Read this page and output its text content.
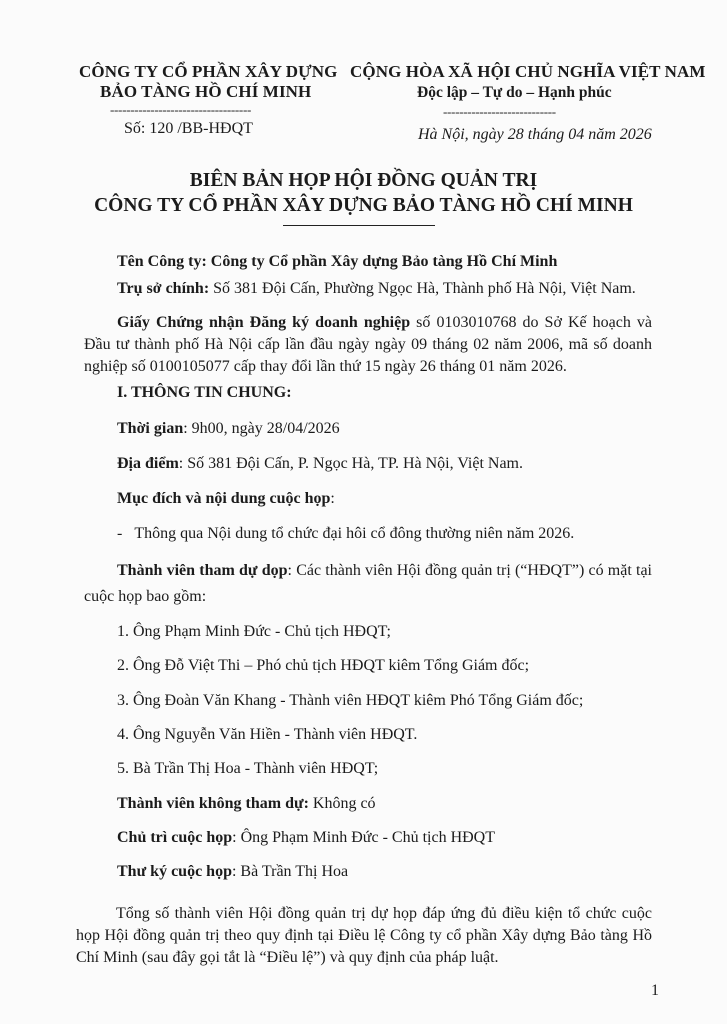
CÔNG TY CỔ PHẦN XÂY DỰNG
BẢO TÀNG HỒ CHÍ MINH
-----------------------------------
Số: 120 /BB-HĐQT
CỘNG HÒA XÃ HỘI CHỦ NGHĨA VIỆT NAM
Độc lập – Tự do – Hạnh phúc
----------------------------
Hà Nội, ngày 28 tháng 04 năm 2026
BIÊN BẢN HỌP HỘI ĐỒNG QUẢN TRỊ
CÔNG TY CỔ PHẦN XÂY DỰNG BẢO TÀNG HỒ CHÍ MINH
Tên Công ty: Công ty Cổ phần Xây dựng Bảo tàng Hồ Chí Minh
Trụ sở chính: Số 381 Đội Cấn, Phường Ngọc Hà, Thành phố Hà Nội, Việt Nam.
Giấy Chứng nhận Đăng ký doanh nghiệp số 0103010768 do Sở Kế hoạch và Đầu tư thành phố Hà Nội cấp lần đầu ngày ngày 09 tháng 02 năm 2006, mã số doanh nghiệp số 0100105077 cấp thay đổi lần thứ 15 ngày 26 tháng 01 năm 2026.
I. THÔNG TIN CHUNG:
Thời gian: 9h00, ngày 28/04/2026
Địa điểm: Số 381 Đội Cấn, P. Ngọc Hà, TP. Hà Nội, Việt Nam.
Mục đích và nội dung cuộc họp:
- Thông qua Nội dung tổ chức đại hôi cổ đông thường niên năm 2026.
Thành viên tham dự dọp: Các thành viên Hội đồng quản trị (“HĐQT”) có mặt tại cuộc họp bao gồm:
1. Ông Phạm Minh Đức - Chủ tịch HĐQT;
2. Ông Đỗ Việt Thi – Phó chủ tịch HĐQT kiêm Tổng Giám đốc;
3. Ông Đoàn Văn Khang - Thành viên HĐQT kiêm Phó Tổng Giám đốc;
4. Ông Nguyễn Văn Hiền - Thành viên HĐQT.
5. Bà Trần Thị Hoa - Thành viên HĐQT;
Thành viên không tham dự: Không có
Chủ trì cuộc họp: Ông Phạm Minh Đức - Chủ tịch HĐQT
Thư ký cuộc họp: Bà Trần Thị Hoa
Tổng số thành viên Hội đồng quản trị dự họp đáp ứng đủ điều kiện tổ chức cuộc họp Hội đồng quản trị theo quy định tại Điều lệ Công ty cổ phần Xây dựng Bảo tàng Hồ Chí Minh (sau đây gọi tắt là “Điều lệ”) và quy định của pháp luật.
1
